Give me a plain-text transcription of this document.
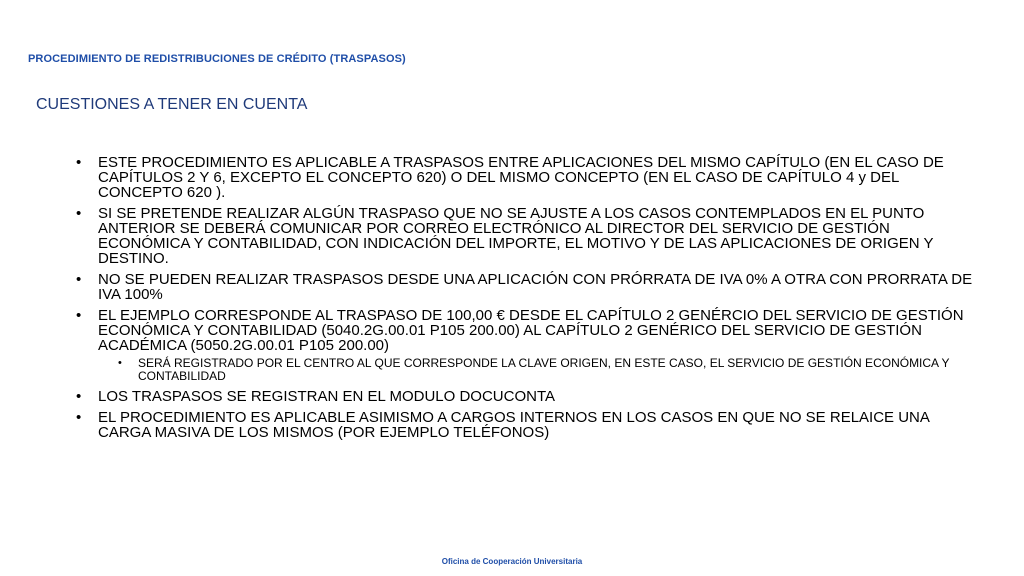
PROCEDIMIENTO DE REDISTRIBUCIONES DE CRÉDITO (TRASPASOS)
CUESTIONES A TENER EN CUENTA
• ESTE PROCEDIMIENTO ES APLICABLE A TRASPASOS ENTRE APLICACIONES DEL MISMO CAPÍTULO (EN EL CASO DE CAPÍTULOS 2 Y 6, EXCEPTO EL CONCEPTO 620) O DEL MISMO CONCEPTO (EN EL CASO DE CAPÍTULO 4 y DEL CONCEPTO 620 ).
• SI SE PRETENDE REALIZAR ALGÚN TRASPASO QUE NO SE AJUSTE A LOS CASOS CONTEMPLADOS EN EL PUNTO ANTERIOR SE DEBERÁ COMUNICAR POR CORREO ELECTRÓNICO AL DIRECTOR DEL SERVICIO DE GESTIÓN ECONÓMICA Y CONTABILIDAD, CON INDICACIÓN DEL IMPORTE, EL MOTIVO Y DE LAS APLICACIONES DE ORIGEN Y DESTINO.
• NO SE PUEDEN REALIZAR TRASPASOS DESDE UNA APLICACIÓN CON PRÓRRATA DE IVA 0% A OTRA CON PRORRATA DE IVA 100%
• EL EJEMPLO CORRESPONDE AL TRASPASO DE 100,00 € DESDE EL CAPÍTULO 2 GENÉRCIO DEL SERVICIO DE GESTIÓN ECONÓMICA Y CONTABILIDAD (5040.2G.00.01 P105 200.00) AL CAPÍTULO 2 GENÉRICO DEL SERVICIO DE GESTIÓN ACADÉMICA (5050.2G.00.01 P105 200.00)
• SERÁ REGISTRADO POR EL CENTRO AL QUE CORRESPONDE LA CLAVE ORIGEN, EN ESTE CASO, EL SERVICIO DE GESTIÓN ECONÓMICA Y CONTABILIDAD
• LOS TRASPASOS SE REGISTRAN EN EL MODULO DOCUCONTA
• EL PROCEDIMIENTO ES APLICABLE ASIMISMO A CARGOS INTERNOS EN LOS CASOS EN QUE NO SE RELAICE UNA CARGA MASIVA DE LOS MISMOS (POR EJEMPLO TELÉFONOS)
Oficina de Cooperación Universitaria
